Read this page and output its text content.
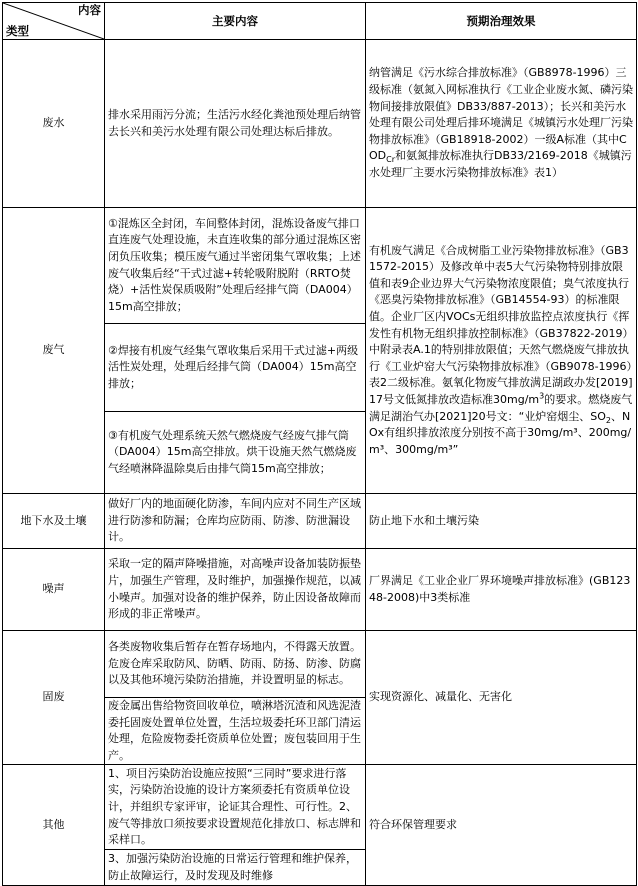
内容
类型	主要内容	预期治理效果
废水	排水采用雨污分流；生活污水经化粪池预处理后纳管去长兴和美污水处理有限公司处理达标后排放。	纳管满足《污水综合排放标准》（GB8978-1996）三级标准（氨氮入网标准执行《工业企业废水氮、磷污染物间接排放限值》DB33/887-2013）；长兴和美污水处理有限公司处理后排环境满足《城镇污水处理厂污染物排放标准》（GB18918-2002）一级A标准（其中$COD_{Cr}$和氨氮排放标准执行DB33/2169-2018《城镇污水处理厂主要水污染物排放标准》表1）
废气	①混炼区全封闭，车间整体封闭，混炼设备废气排口直连废气处理设施，未直连收集的部分通过混炼区密闭负压收集；模压废气通过半密闭集气罩收集；上述废气收集后经“干式过滤+转轮吸附脱附（RRTO焚烧）+活性炭保质吸附”处理后经排气筒（DA004）15m高空排放；	有机废气满足《合成树脂工业污染物排放标准》（GB31572-2015）及修改单中表5大气污染物特别排放限值和表9企业边界大气污染物浓度限值；臭气浓度执行《恶臭污染物排放标准》（GB14554-93）的标准限值。企业厂区内VOCs无组织排放监控点浓度执行《挥发性有机物无组织排放控制标准》（GB37822-2019）中附录表A.1的特别排放限值；天然气燃烧废气排放执行《工业炉窑大气污染物排放标准》（GB9078-1996）表2二级标准。氨氧化物废气排放满足湖政办发[2019]17号文低氮排放改造标准$30mg/m^3$的要求。燃烧废气满足湖治气办[2021]20号文：“业炉窑烟尘、$SO_2$、NOx有组织排放浓度分别按不高于30mg/m³、200mg/m³、300mg/m³”
	②焊接有机废气经集气罩收集后采用干式过滤+两级活性炭处理，处理后经排气筒（DA004）15m高空排放；	
	③有机废气处理系统天然气燃烧废气经废气排气筒（DA004）15m高空排放。烘干设施天然气燃烧废气经喷淋降温除臭后由排气筒15m高空排放；	
地下水及土壤	做好厂内的地面硬化防渗，车间内应对不同生产区域进行防渗和防漏；仓库均应防雨、防渗、防泄漏设计。	防止地下水和土壤污染
噪声	采取一定的隔声降噪措施，对高噪声设备加装防振垫片，加强生产管理，及时维护，加强操作规范，以减小噪声。加强对设备的维护保养，防止因设备故障而形成的非正常噪声。	厂界满足《工业企业厂界环境噪声排放标准》(GB12348-2008)中3类标准
固废	各类废物收集后暂存在暂存场地内，不得露天放置。危废仓库采取防风、防晒、防雨、防扬、防渗、防腐以及其他环境污染防治措施，并设置明显的标志。	实现资源化、减量化、无害化
	废金属出售给物资回收单位，喷淋塔沉渣和风选泥渣委托固废处置单位处置，生活垃圾委托环卫部门清运处理，危险废物委托资质单位处置；废包装回用于生产。	
其他	1、项目污染防治设施应按照“三同时”要求进行落实，污染防治设施的设计方案须委托有资质单位设计，并组织专家评审，论证其合理性、可行性。2、废气等排放口须按要求设置规范化排放口、标志牌和采样口。	符合环保管理要求
	3、加强污染防治设施的日常运行管理和维护保养，防止故障运行，及时发现及时维修	
